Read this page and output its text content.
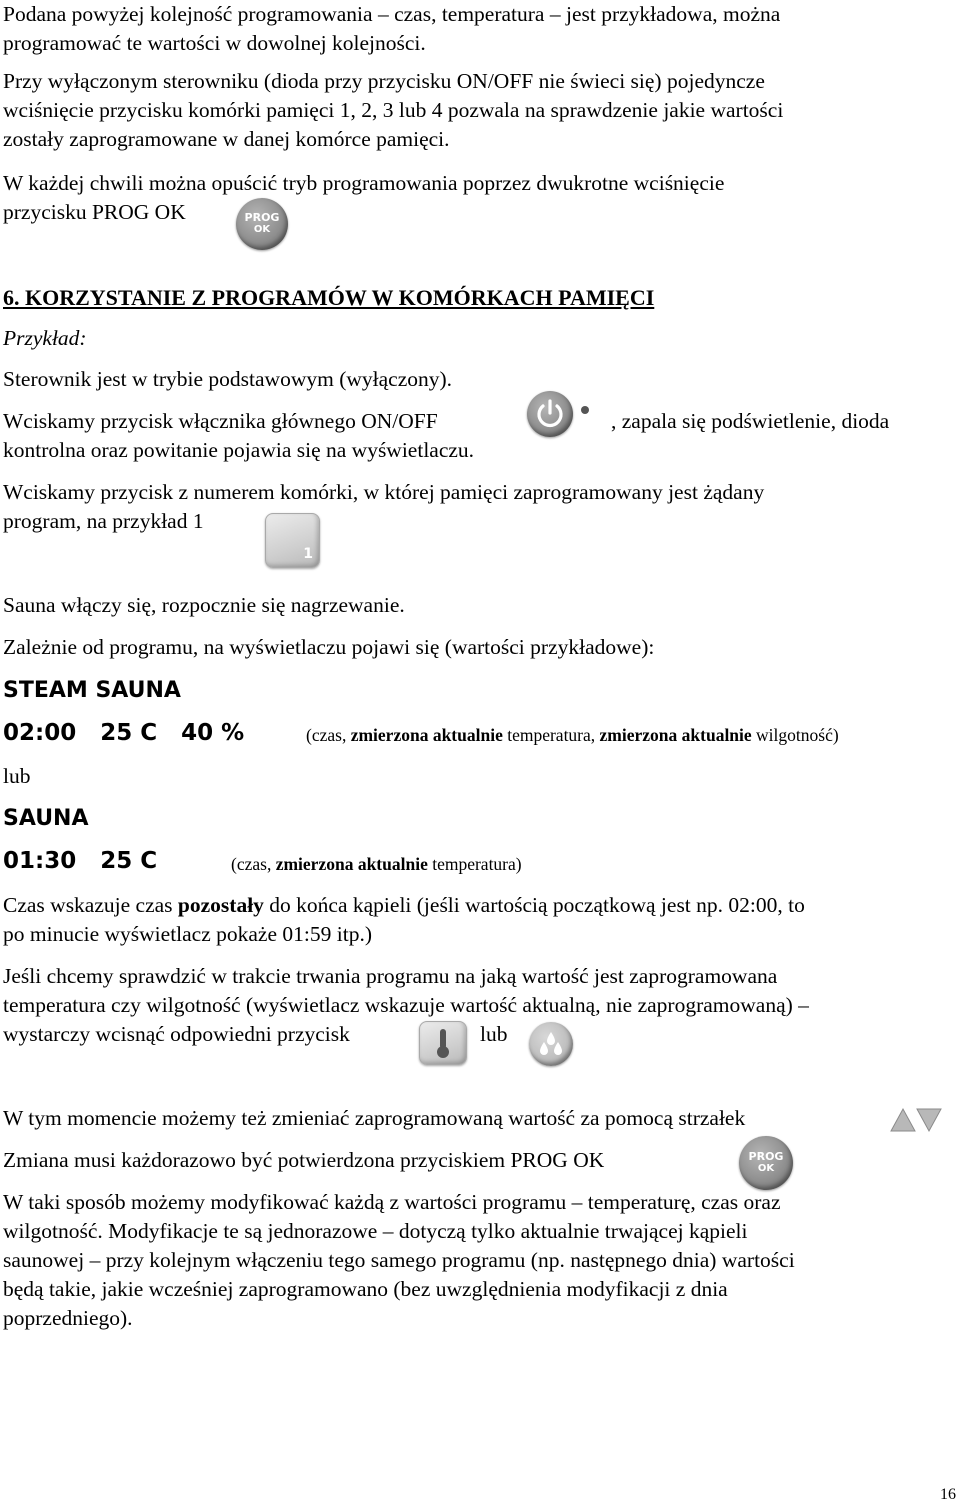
Podana powyżej kolejność programowania – czas, temperatura – jest przykładowa, można
programować te wartości w dowolnej kolejności.
Przy wyłączonym sterowniku (dioda przy przycisku ON/OFF nie świeci się) pojedyncze
wciśnięcie przycisku komórki pamięci 1, 2, 3 lub 4 pozwala na sprawdzenie jakie wartości
zostały zaprogramowane w danej komórce pamięci.
W każdej chwili można opuścić tryb programowania poprzez dwukrotne wciśnięcie
przycisku PROG OK	PROG
OK
6. KORZYSTANIE Z PROGRAMÓW W KOMÓRKACH PAMIĘCI
Przykład:
Sterownik jest w trybie podstawowym (wyłączony).
Wciskamy przycisk włącznika głównego ON/OFF	, zapala się podświetlenie, dioda
kontrolna oraz powitanie pojawia się na wyświetlaczu.
Wciskamy przycisk z numerem komórki, w której pamięci zaprogramowany jest żądany
program, na przykład 1
1
Sauna włączy się, rozpocznie się nagrzewanie.
Zależnie od programu, na wyświetlaczu pojawi się (wartości przykładowe):
STEAM SAUNA
02:00   25 C   40 %	(czas, zmierzona aktualnie temperatura, zmierzona aktualnie wilgotność)
lub
SAUNA
01:30   25 C	(czas, zmierzona aktualnie temperatura)
Czas wskazuje czas pozostały do końca kąpieli (jeśli wartością początkową jest np. 02:00, to
po minucie wyświetlacz pokaże 01:59 itp.)
Jeśli chcemy sprawdzić w trakcie trwania programu na jaką wartość jest zaprogramowana
temperatura czy wilgotność (wyświetlacz wskazuje wartość aktualną, nie zaprogramowaną) –
wystarczy wcisnąć odpowiedni przycisk	lub
W tym momencie możemy też zmieniać zaprogramowaną wartość za pomocą strzałek
Zmiana musi każdorazowo być potwierdzona przyciskiem PROG OK	PROG
OK
W taki sposób możemy modyfikować każdą z wartości programu – temperaturę, czas oraz
wilgotność. Modyfikacje te są jednorazowe – dotyczą tylko aktualnie trwającej kąpieli
saunowej – przy kolejnym włączeniu tego samego programu (np. następnego dnia) wartości
będą takie, jakie wcześniej zaprogramowano (bez uwzględnienia modyfikacji z dnia
poprzedniego).
16
